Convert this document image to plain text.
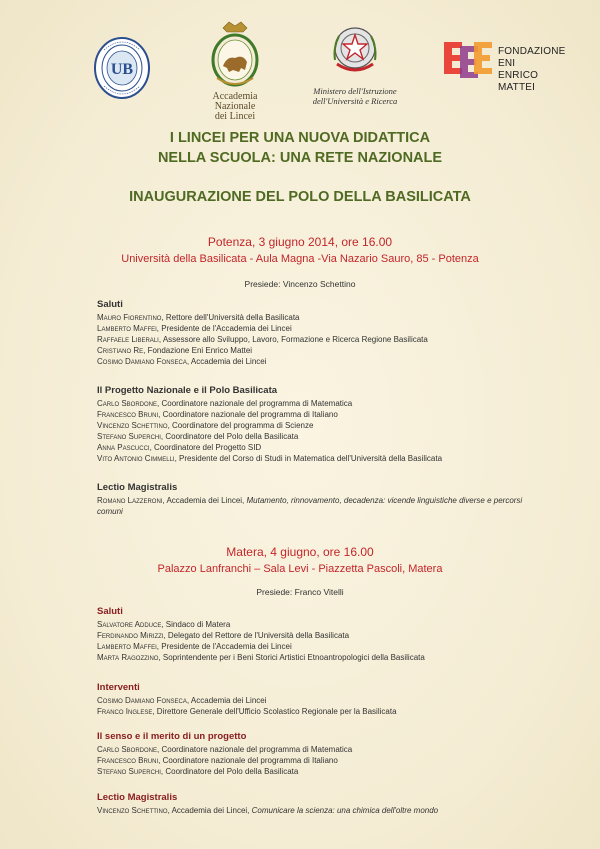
UB
Accademia Nazionale
dei Lincei
Ministero dell'Istruzione
dell'Università e Ricerca
FONDAZIONE ENI
ENRICO MATTEI
I LINCEI PER UNA NUOVA DIDATTICA
NELLA SCUOLA: UNA RETE NAZIONALE
INAUGURAZIONE DEL POLO DELLA BASILICATA
Potenza, 3 giugno 2014, ore 16.00
Università della Basilicata - Aula Magna -Via Nazario Sauro, 85 - Potenza
Presiede: Vincenzo Schettino
Saluti
Mauro Fiorentino, Rettore dell'Università della Basilicata
Lamberto Maffei, Presidente de l'Accademia dei Lincei
Raffaele Liberali, Assessore allo Sviluppo, Lavoro, Formazione e Ricerca Regione Basilicata
Cristiano Re, Fondazione Eni Enrico Mattei
Cosimo Damiano Fonseca, Accademia dei Lincei
Il Progetto Nazionale e il Polo Basilicata
Carlo Sbordone, Coordinatore nazionale del programma di Matematica
Francesco Bruni, Coordinatore nazionale del programma di Italiano
Vincenzo Schettino, Coordinatore del programma di Scienze
Stefano Superchi, Coordinatore del Polo della Basilicata
Anna Pascucci, Coordinatore del Progetto SID
Vito Antonio Cimmelli, Presidente del Corso di Studi in Matematica dell'Università della Basilicata
Lectio Magistralis
Romano Lazzeroni, Accademia dei Lincei, Mutamento, rinnovamento, decadenza: vicende linguistiche diverse e percorsi comuni
Matera, 4 giugno, ore 16.00
Palazzo Lanfranchi – Sala Levi - Piazzetta Pascoli, Matera
Presiede: Franco Vitelli
Saluti
Salvatore Adduce, Sindaco di Matera
Ferdinando Mirizzi, Delegato del Rettore de l'Università della Basilicata
Lamberto Maffei, Presidente de l'Accademia dei Lincei
Marta Ragozzino, Soprintendente per i Beni Storici Artistici Etnoantropologici della Basilicata
Interventi
Cosimo Damiano Fonseca, Accademia dei Lincei
Franco Inglese, Direttore Generale dell'Ufficio Scolastico Regionale per la Basilicata
Il senso e il merito di un progetto
Carlo Sbordone, Coordinatore nazionale del programma di Matematica
Francesco Bruni, Coordinatore nazionale del programma di Italiano
Stefano Superchi, Coordinatore del Polo della Basilicata
Lectio Magistralis
Vincenzo Schettino, Accademia dei Lincei, Comunicare la scienza: una chimica dell'oltre mondo
